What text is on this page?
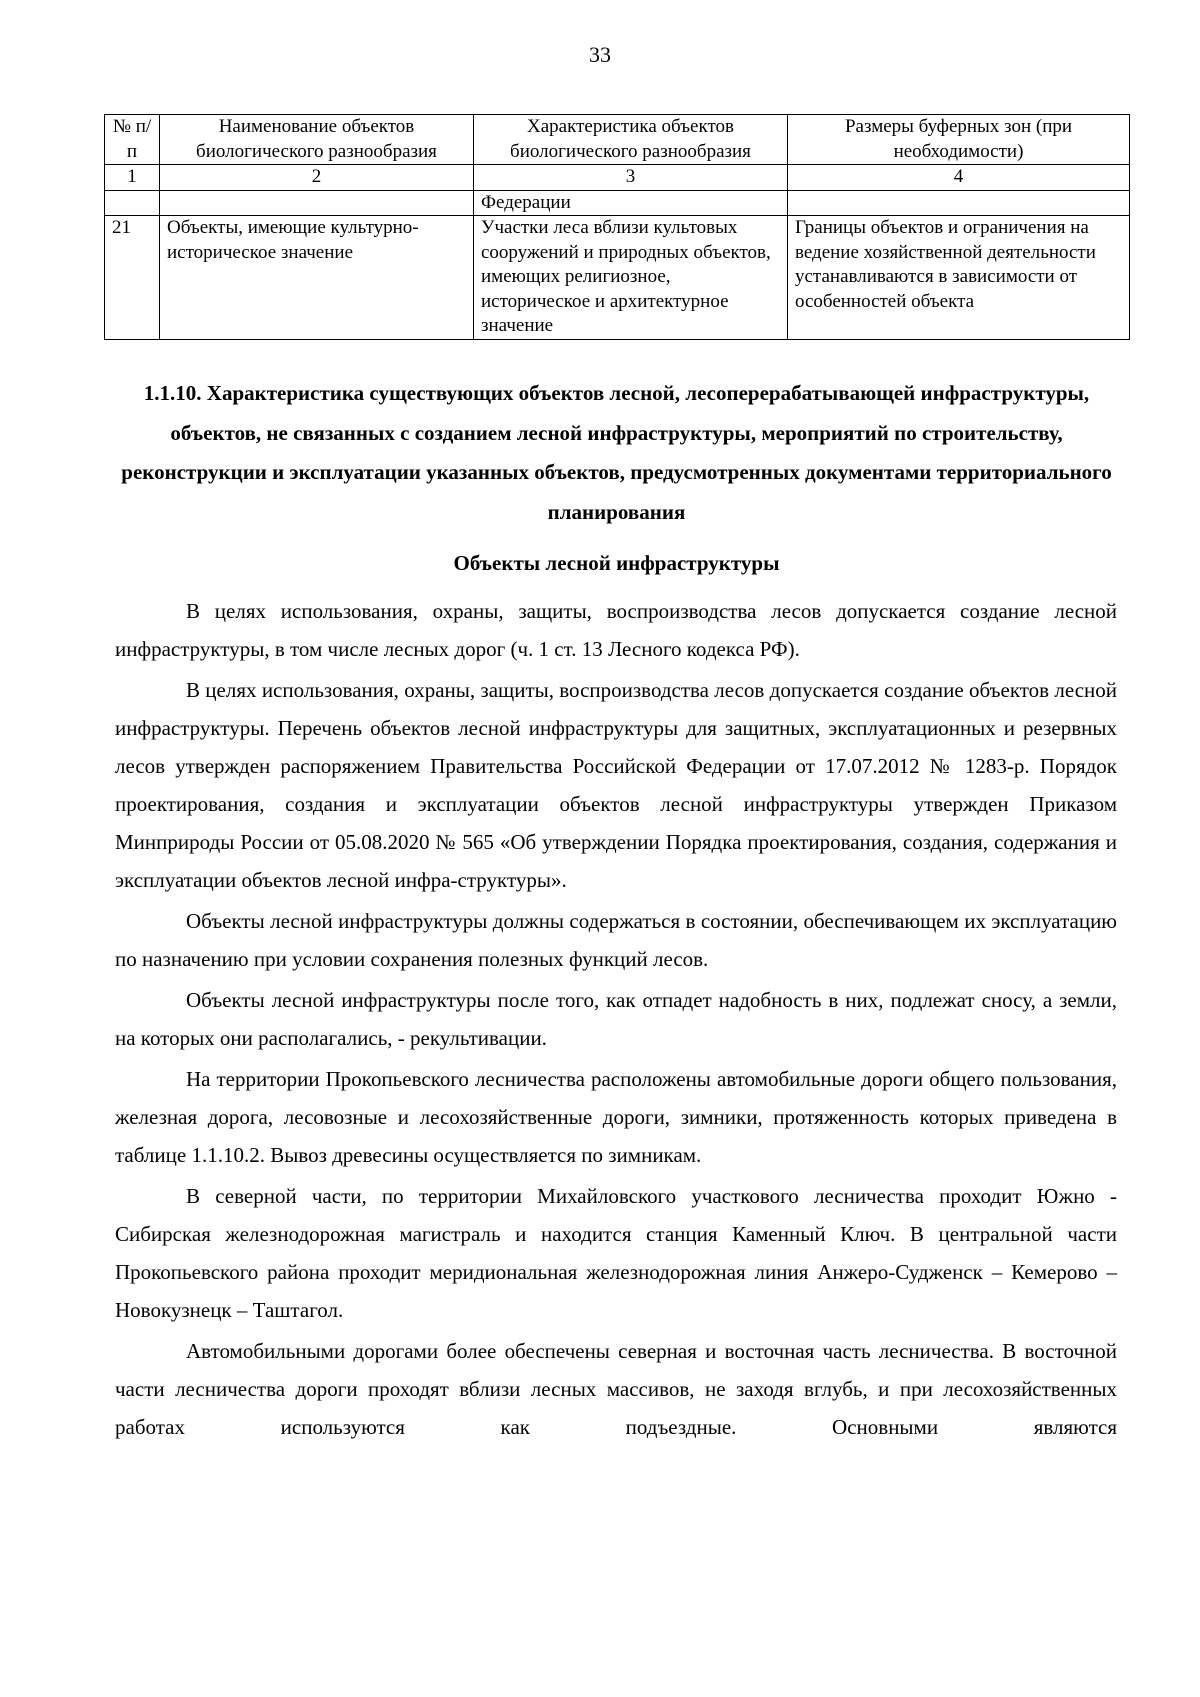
33
№ п/п	Наименование объектов биологического разнообразия	Характеристика объектов биологического разнообразия	Размеры буферных зон (при необходимости)
1	2	3	4
		Федерации	
21	Объекты, имеющие культурно-историческое значение	Участки леса вблизи культовых сооружений и природных объектов, имеющих религиозное, историческое и архитектурное значение	Границы объектов и ограничения на ведение хозяйственной деятельности устанавливаются в зависимости от особенностей объекта
1.1.10. Характеристика существующих объектов лесной, лесоперерабатывающей инфраструктуры, объектов, не связанных с созданием лесной инфраструктуры, мероприятий по строительству, реконструкции и эксплуатации указанных объектов, предусмотренных документами территориального планирования
Объекты лесной инфраструктуры

В целях использования, охраны, защиты, воспроизводства лесов допускается создание лесной инфраструктуры, в том числе лесных дорог (ч. 1 ст. 13 Лесного кодекса РФ).

В целях использования, охраны, защиты, воспроизводства лесов допускается создание объектов лесной инфраструктуры. Перечень объектов лесной инфраструктуры для защитных, эксплуатационных и резервных лесов утвержден распоряжением Правительства Российской Федерации от 17.07.2012 № 1283-р. Порядок проектирования, создания и эксплуатации объектов лесной инфраструктуры утвержден Приказом Минприроды России от 05.08.2020 № 565 «Об утверждении Порядка проектирования, создания, содержания и эксплуатации объектов лесной инфра-структуры».

Объекты лесной инфраструктуры должны содержаться в состоянии, обеспечивающем их эксплуатацию по назначению при условии сохранения полезных функций лесов.

Объекты лесной инфраструктуры после того, как отпадет надобность в них, подлежат сносу, а земли, на которых они располагались, - рекультивации.

На территории Прокопьевского лесничества расположены автомобильные дороги общего пользования, железная дорога, лесовозные и лесохозяйственные дороги, зимники, протяженность которых приведена в таблице 1.1.10.2. Вывоз древесины осуществляется по зимникам.

В северной части, по территории Михайловского участкового лесничества проходит Южно - Сибирская железнодорожная магистраль и находится станция Каменный Ключ. В центральной части Прокопьевского района проходит меридиональная железнодорожная линия Анжеро-Судженск – Кемерово – Новокузнецк – Таштагол.

Автомобильными дорогами более обеспечены северная и восточная часть лесничества. В восточной части лесничества дороги проходят вблизи лесных массивов, не заходя вглубь, и при лесохозяйственных работах используются как подъездные. Основными являются
